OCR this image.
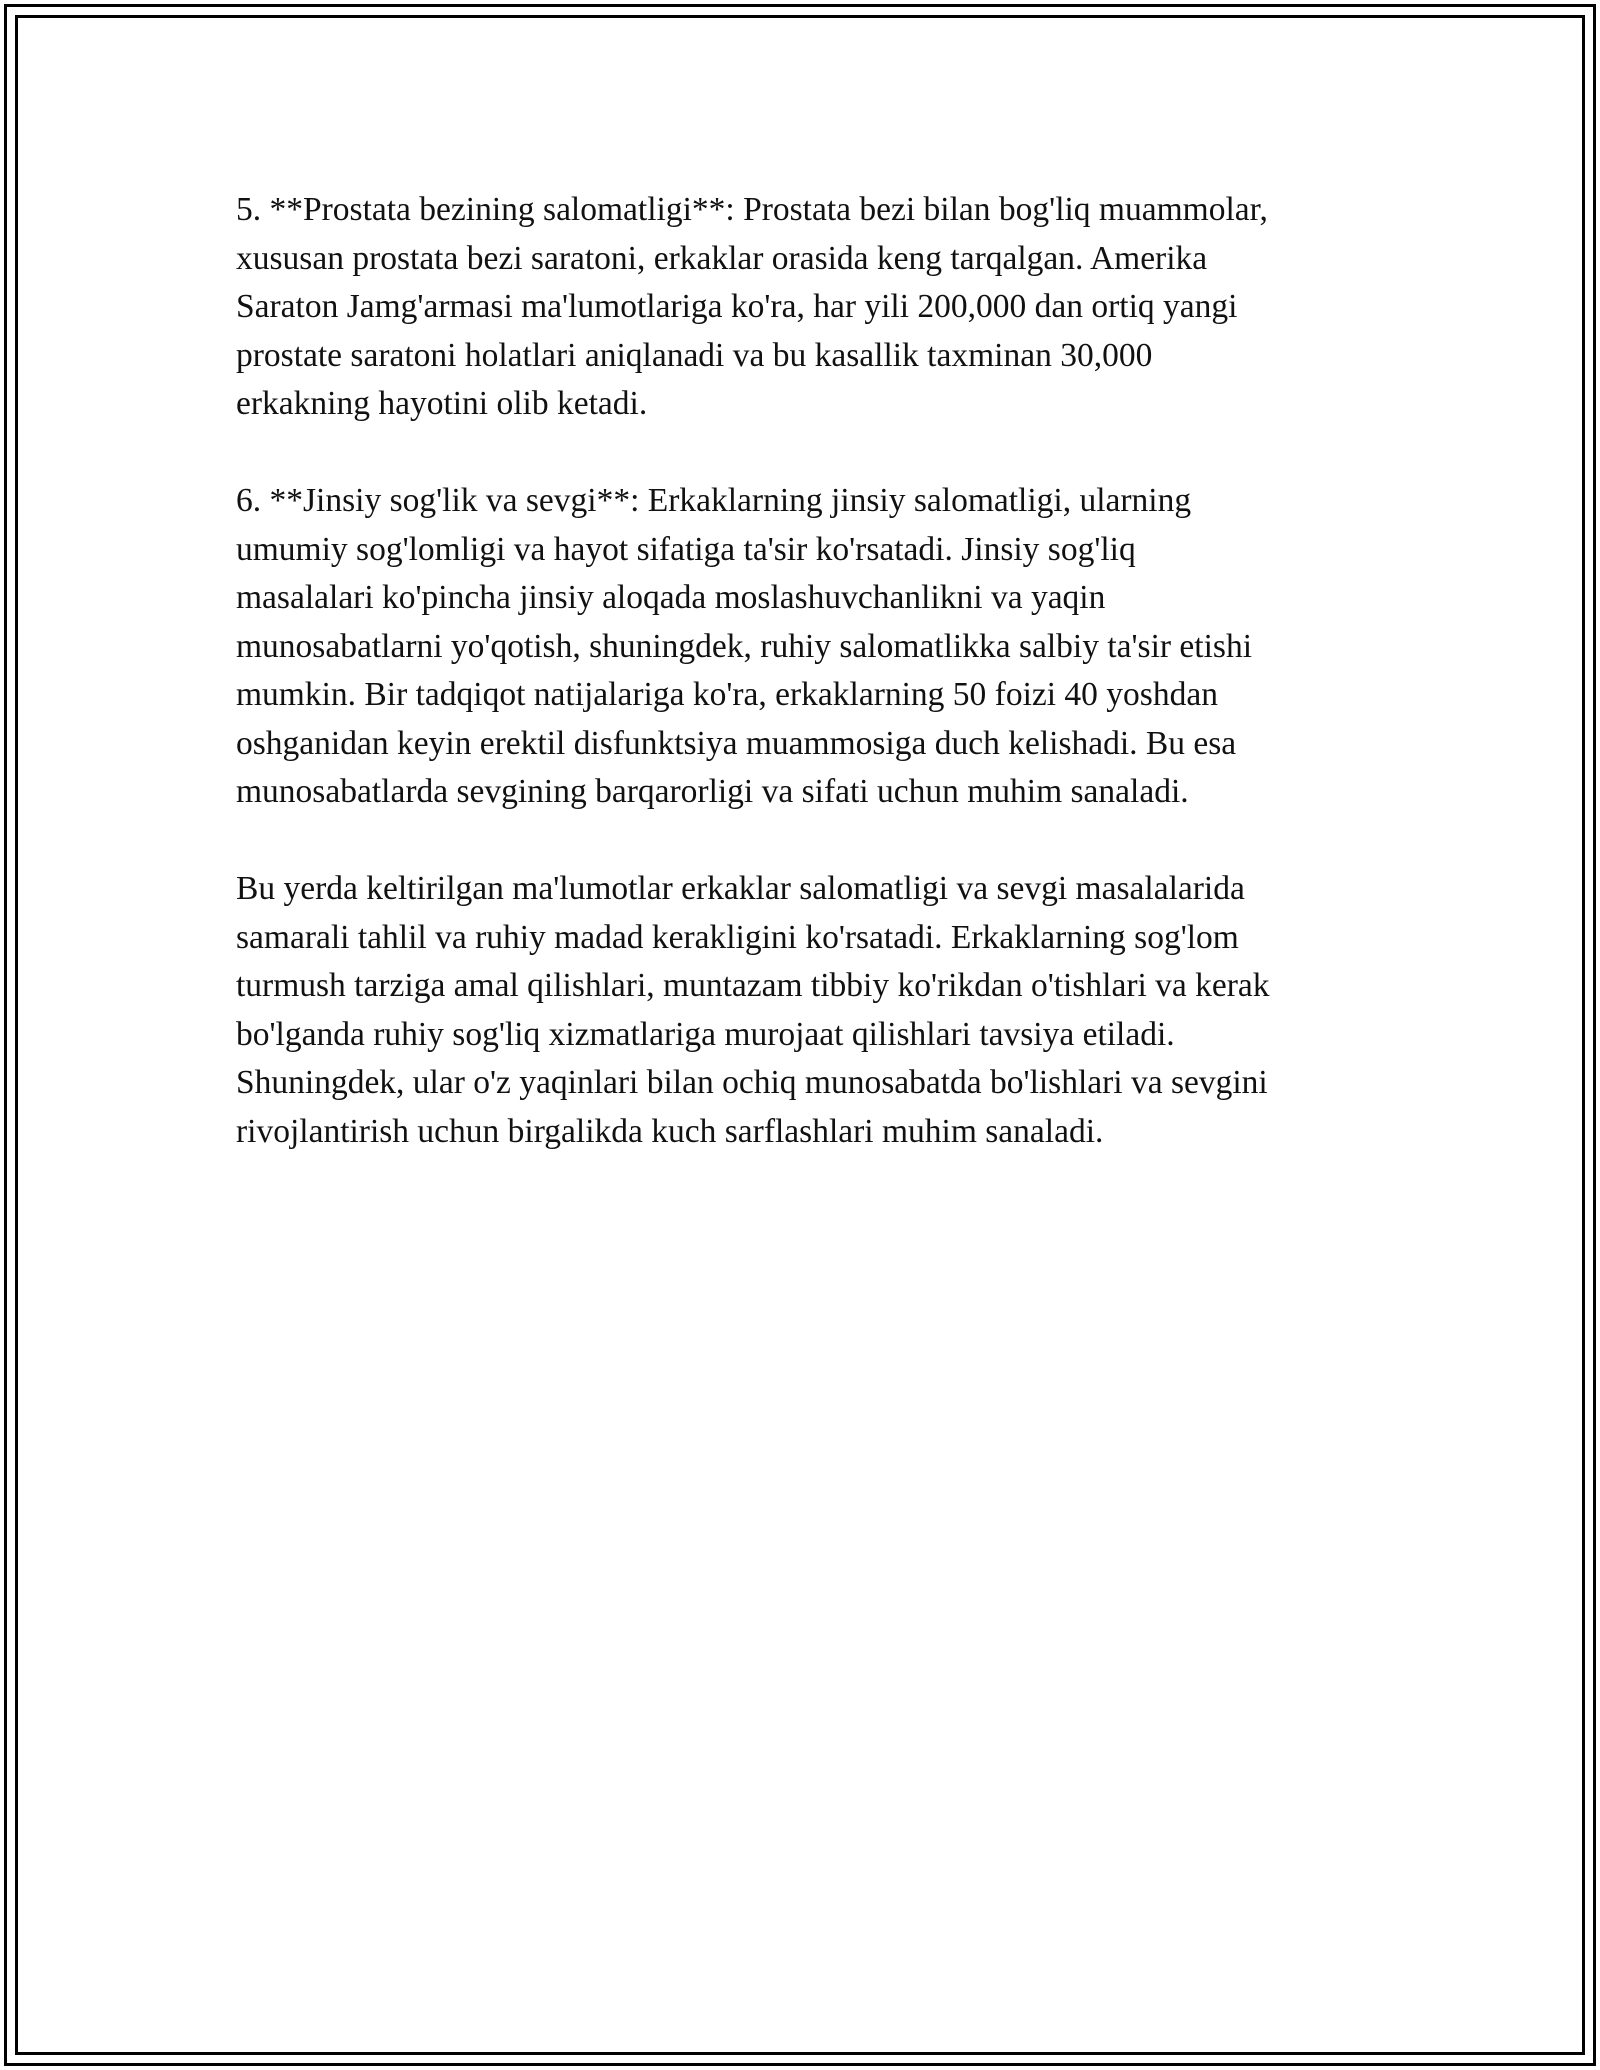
5. **Prostata bezining salomatligi**: Prostata bezi bilan bog'liq muammolar,
xususan prostata bezi saratoni, erkaklar orasida keng tarqalgan. Amerika
Saraton Jamg'armasi ma'lumotlariga ko'ra, har yili 200,000 dan ortiq yangi
prostate saratoni holatlari aniqlanadi va bu kasallik taxminan 30,000
erkakning hayotini olib ketadi.

6. **Jinsiy sog'lik va sevgi**: Erkaklarning jinsiy salomatligi, ularning
umumiy sog'lomligi va hayot sifatiga ta'sir ko'rsatadi. Jinsiy sog'liq
masalalari ko'pincha jinsiy aloqada moslashuvchanlikni va yaqin
munosabatlarni yo'qotish, shuningdek, ruhiy salomatlikka salbiy ta'sir etishi
mumkin. Bir tadqiqot natijalariga ko'ra, erkaklarning 50 foizi 40 yoshdan
oshganidan keyin erektil disfunktsiya muammosiga duch kelishadi. Bu esa
munosabatlarda sevgining barqarorligi va sifati uchun muhim sanaladi.

Bu yerda keltirilgan ma'lumotlar erkaklar salomatligi va sevgi masalalarida
samarali tahlil va ruhiy madad kerakligini ko'rsatadi. Erkaklarning sog'lom
turmush tarziga amal qilishlari, muntazam tibbiy ko'rikdan o'tishlari va kerak
bo'lganda ruhiy sog'liq xizmatlariga murojaat qilishlari tavsiya etiladi.
Shuningdek, ular o'z yaqinlari bilan ochiq munosabatda bo'lishlari va sevgini
rivojlantirish uchun birgalikda kuch sarflashlari muhim sanaladi.
